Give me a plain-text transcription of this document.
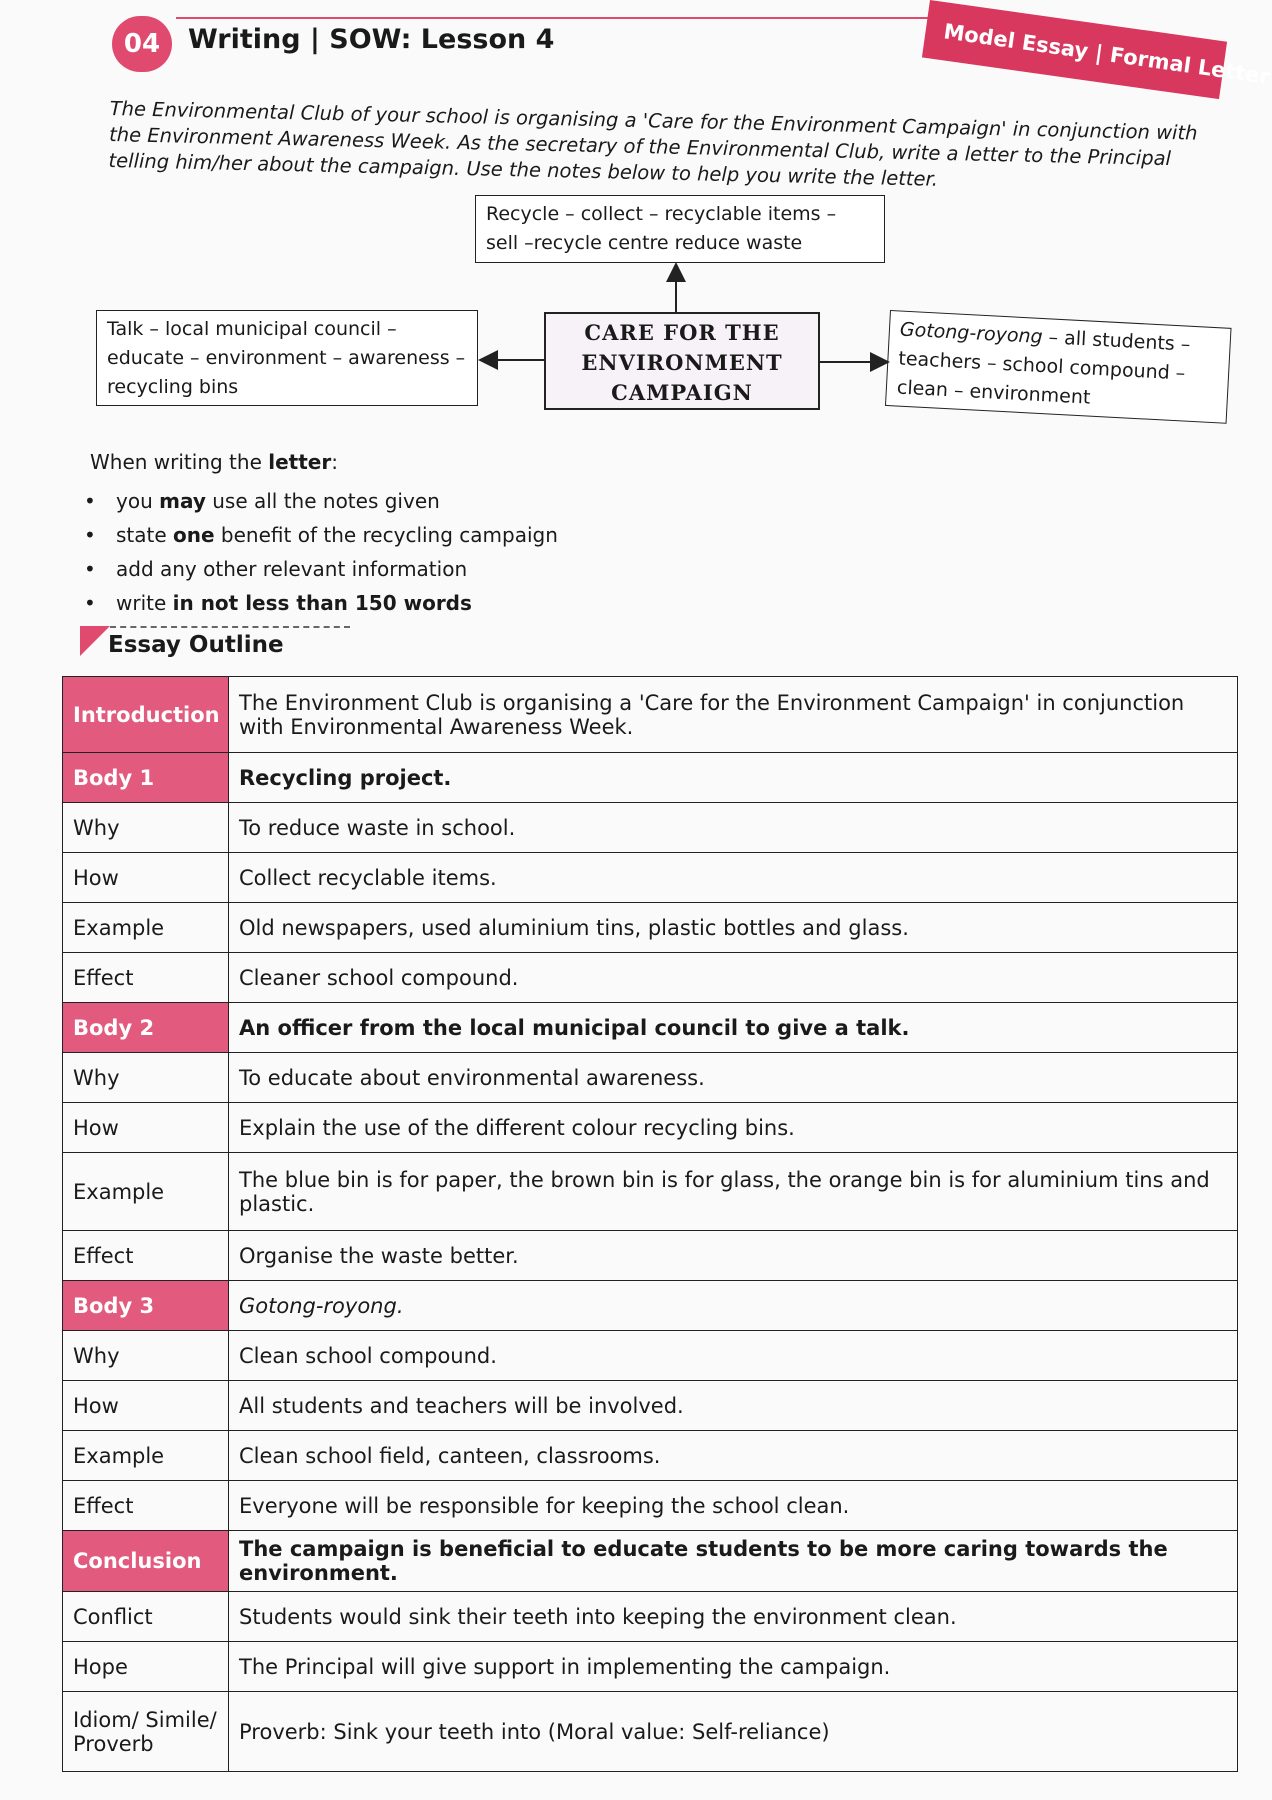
04	Writing | SOW: Lesson 4	Model Essay | Formal Letter
The Environmental Club of your school is organising a 'Care for the Environment Campaign' in conjunction with the Environment Awareness Week. As the secretary of the Environmental Club, write a letter to the Principal telling him/her about the campaign. Use the notes below to help you write the letter.
Recycle – collect – recyclable items – sell –recycle centre reduce waste
Talk – local municipal council – educate – environment – awareness – recycling bins
Gotong-royong – all students – teachers – school compound –clean – environment
CARE FOR THE
ENVIRONMENT
CAMPAIGN
When writing the letter:
• you may use all the notes given
• state one benefit of the recycling campaign
• add any other relevant information
• write in not less than 150 words
Essay Outline
Introduction	The Environment Club is organising a 'Care for the Environment Campaign' in conjunction with Environmental Awareness Week.
Body 1	Recycling project.
Why	To reduce waste in school.
How	Collect recyclable items.
Example	Old newspapers, used aluminium tins, plastic bottles and glass.
Effect	Cleaner school compound.
Body 2	An officer from the local municipal council to give a talk.
Why	To educate about environmental awareness.
How	Explain the use of the different colour recycling bins.
Example	The blue bin is for paper, the brown bin is for glass, the orange bin is for aluminium tins and plastic.
Effect	Organise the waste better.
Body 3	Gotong-royong.
Why	Clean school compound.
How	All students and teachers will be involved.
Example	Clean school field, canteen, classrooms.
Effect	Everyone will be responsible for keeping the school clean.
Conclusion	The campaign is beneficial to educate students to be more caring towards the environment.
Conflict	Students would sink their teeth into keeping the environment clean.
Hope	The Principal will give support in implementing the campaign.
Idiom/ Simile/ Proverb	Proverb: Sink your teeth into (Moral value: Self-reliance)
